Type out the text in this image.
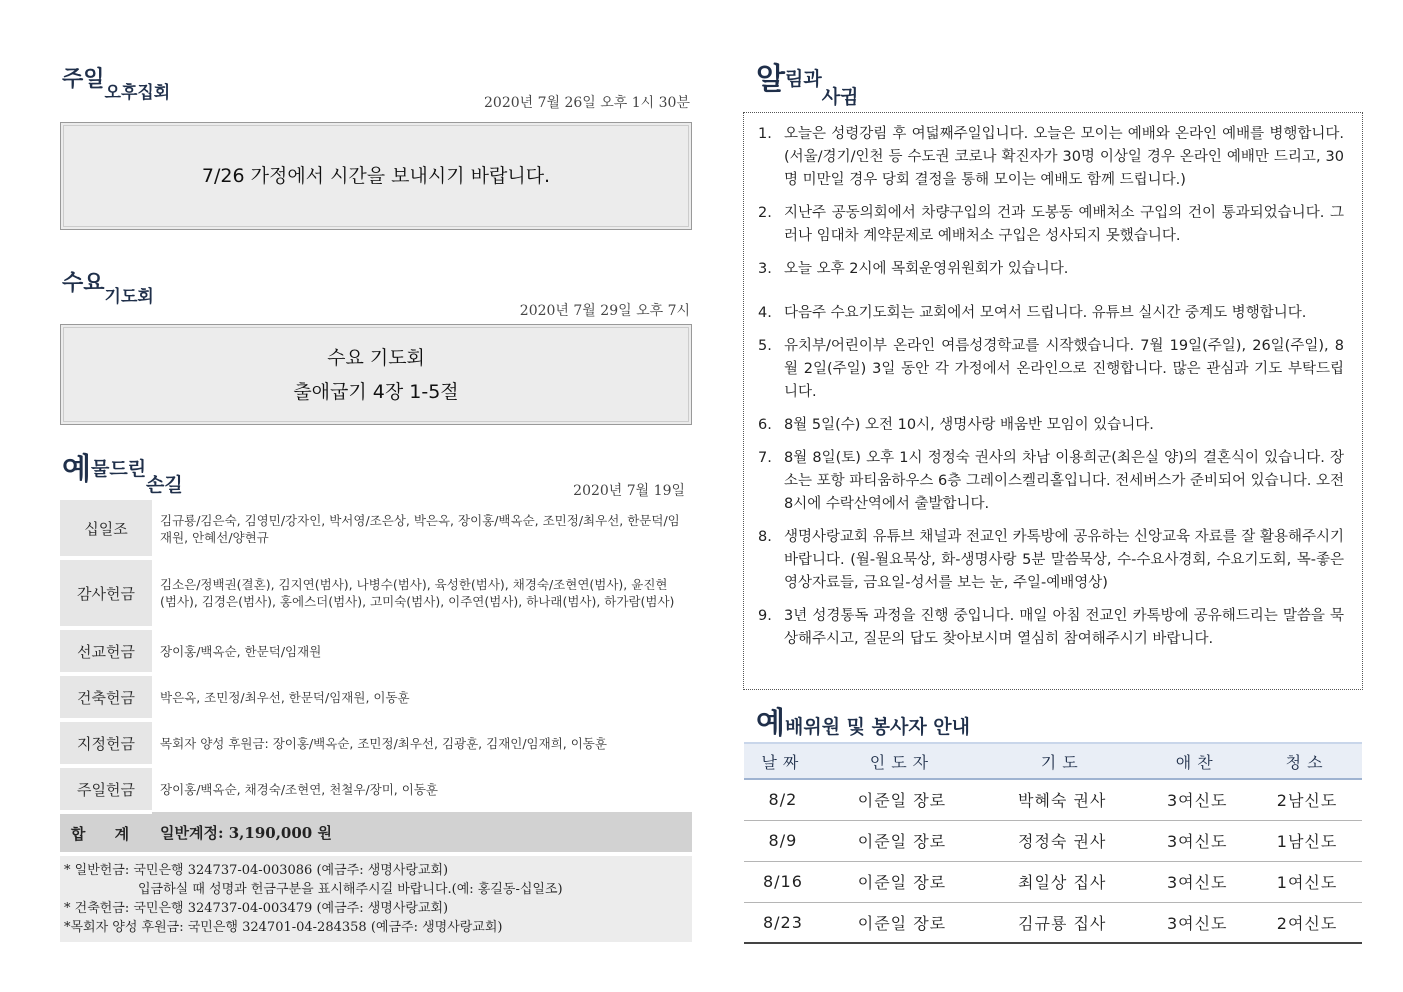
주일오후집회	2020년 7월 26일 오후 1시 30분
7/26 가정에서 시간을 보내시기 바랍니다.
수요기도회
2020년 7월 29일 오후 7시
수요 기도회
출애굽기 4장 1-5절
예물드린손길	2020년 7월 19일
십일조	김규룡/김은숙, 김영민/강자인, 박서영/조은상, 박은옥, 장이홍/백옥순, 조민정/최우선, 한문덕/임재원, 안혜선/양현규
감사헌금	김소은/정백권(결혼), 김지연(범사), 나병수(범사), 육성한(범사), 채경숙/조현연(범사), 윤진현(범사), 김경은(범사), 홍에스더(범사), 고미숙(범사), 이주연(범사), 하나래(범사), 하가람(범사)
선교헌금	장이홍/백옥순, 한문덕/임재원
건축헌금	박은옥, 조민정/최우선, 한문덕/임재원, 이동훈
지정헌금	목회자 양성 후원금: 장이홍/백옥순, 조민정/최우선, 김광훈, 김재인/임재희, 이동훈
주일헌금	장이홍/백옥순, 채경숙/조현연, 천철우/장미, 이동훈
합 계	일반계정: 3,190,000 원
* 일반헌금: 국민은행 324737-04-003086 (예금주: 생명사랑교회)
입금하실 때 성명과 헌금구분을 표시해주시길 바랍니다.(예: 홍길동-십일조)
* 건축헌금: 국민은행 324737-04-003479 (예금주: 생명사랑교회)
*목회자 양성 후원금: 국민은행 324701-04-284358 (예금주: 생명사랑교회)
알림과사귐
1. 오늘은 성령강림 후 여덟째주일입니다. 오늘은 모이는 예배와 온라인 예배를 병행합니다. (서울/경기/인천 등 수도권 코로나 확진자가 30명 이상일 경우 온라인 예배만 드리고, 30명 미만일 경우 당회 결정을 통해 모이는 예배도 함께 드립니다.)
2. 지난주 공동의회에서 차량구입의 건과 도봉동 예배처소 구입의 건이 통과되었습니다. 그러나 임대차 계약문제로 예배처소 구입은 성사되지 못했습니다.
3. 오늘 오후 2시에 목회운영위원회가 있습니다.
4. 다음주 수요기도회는 교회에서 모여서 드립니다. 유튜브 실시간 중계도 병행합니다.
5. 유치부/어린이부 온라인 여름성경학교를 시작했습니다. 7월 19일(주일), 26일(주일), 8월 2일(주일) 3일 동안 각 가정에서 온라인으로 진행합니다. 많은 관심과 기도 부탁드립니다.
6. 8월 5일(수) 오전 10시, 생명사랑 배움반 모임이 있습니다.
7. 8월 8일(토) 오후 1시 정정숙 권사의 차남 이용희군(최은실 양)의 결혼식이 있습니다. 장소는 포항 파티움하우스 6층 그레이스켈리홀입니다. 전세버스가 준비되어 있습니다. 오전 8시에 수락산역에서 출발합니다.
8. 생명사랑교회 유튜브 채널과 전교인 카톡방에 공유하는 신앙교육 자료를 잘 활용해주시기 바랍니다. (월-월요묵상, 화-생명사랑 5분 말씀묵상, 수-수요사경회, 수요기도회, 목-좋은 영상자료들, 금요일-성서를 보는 눈, 주일-예배영상)
9. 3년 성경통독 과정을 진행 중입니다. 매일 아침 전교인 카톡방에 공유해드리는 말씀을 묵상해주시고, 질문의 답도 찾아보시며 열심히 참여해주시기 바랍니다.
예배위원 및 봉사자 안내
날짜	인도자	기도	애찬	청소
8/2	이준일 장로	박혜숙 권사	3여신도	2남신도
8/9	이준일 장로	정정숙 권사	3여신도	1남신도
8/16	이준일 장로	최일상 집사	3여신도	1여신도
8/23	이준일 장로	김규룡 집사	3여신도	2여신도
